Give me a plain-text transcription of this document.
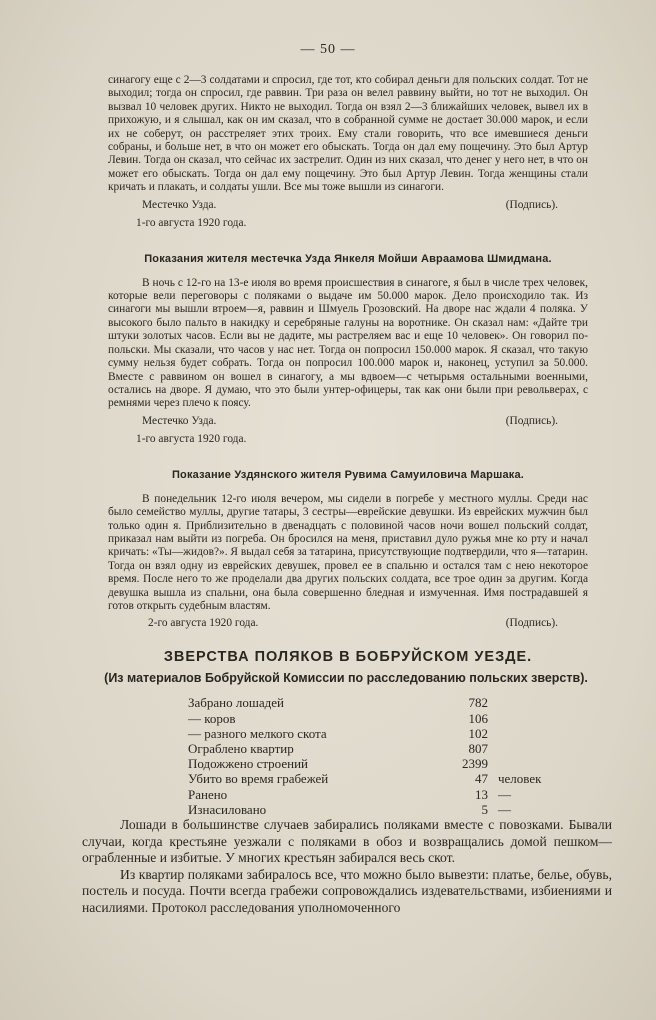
— 50 —

синагогу еще с 2—3 солдатами и спросил, где тот, кто собирал деньги для польских солдат. Тот не выходил; тогда он спросил, где раввин. Три раза он велел раввину выйти, но тот не выходил. Он вызвал 10 человек других. Никто не выходил. Тогда он взял 2—3 ближайших человек, вывел их в прихожую, и я слышал, как он им сказал, что в собранной сумме не достает 30.000 марок, и если их не соберут, он расстреляет этих троих. Ему стали говорить, что все имевшиеся деньги собраны, и больше нет, в что он может его обыскать. Тогда он дал ему пощечину. Это был Артур Левин. Тогда он сказал, что сейчас их застрелит. Один из них сказал, что денег у него нет, в что он может его обыскать. Тогда он дал ему пощечину. Это был Артур Левин. Тогда женщины стали кричать и плакать, и солдаты ушли. Все мы тоже вышли из синагоги.

Местечко Узда.	(Подпись).
1-го августа 1920 года.
Показания жителя местечка Узда Янкеля Мойши Авраамова Шмидмана.

В ночь с 12-го на 13-е июля во время происшествия в синагоге, я был в числе трех человек, которые вели переговоры с поляками о выдаче им 50.000 марок. Дело происходило так. Из синагоги мы вышли втроем—я, раввин и Шмуель Грозовский. На дворе нас ждали 4 поляка. У высокого было пальто в накидку и серебряные галуны на воротнике. Он сказал нам: «Дайте три штуки золотых часов. Если вы не дадите, мы растреляем вас и еще 10 человек». Он говорил по-польски. Мы сказали, что часов у нас нет. Тогда он попросил 150.000 марок. Я сказал, что такую сумму нельзя будет собрать. Тогда он попросил 100.000 марок и, наконец, уступил за 50.000. Вместе с раввином он вошел в синагогу, а мы вдвоем—с четырьмя остальными военными, остались на дворе. Я думаю, что это были унтер-офицеры, так как они были при револьверах, с ремнями через плечо к поясу.

Местечко Узда.	(Подпись).
1-го августа 1920 года.
Показание Уздянского жителя Рувима Самуиловича Маршака.

В понедельник 12-го июля вечером, мы сидели в погребе у местного муллы. Среди нас было семейство муллы, другие татары, 3 сестры—еврейские девушки. Из еврейских мужчин был только один я. Приблизительно в двенадцать с половиной часов ночи вошел польский солдат, приказал нам выйти из погреба. Он бросился на меня, приставил дуло ружья мне ко рту и начал кричать: «Ты—жидов?». Я выдал себя за татарина, присутствующие подтвердили, что я—татарин. Тогда он взял одну из еврейских девушек, провел ее в спальню и остался там с нею некоторое время. После него то же проделали два других польских солдата, все трое один за другим. Когда девушка вышла из спальни, она была совершенно бледная и измученная. Имя пострадавшей я готов открыть судебным властям.

2-го августа 1920 года.	(Подпись).
ЗВЕРСТВА ПОЛЯКОВ В БОБРУЙСКОМ УЕЗДЕ.
(Из материалов Бобруйской Комиссии по расследованию польских зверств).
Забрано лошадей	782	
— коров	106	
— разного мелкого скота	102	
Ограблено квартир	807	
Подожжено строений	2399	
Убито во время грабежей	47	человек
Ранено	13	—
Изнасиловано	5	—

Лошади в большинстве случаев забирались поляками вместе с повозками. Бывали случаи, когда крестьяне уезжали с поляками в обоз и возвращались домой пешком—ограбленные и избитые. У многих крестьян забирался весь скот.

Из квартир поляками забиралось все, что можно было вывезти: платье, белье, обувь, постель и посуда. Почти всегда грабежи сопровождались издевательствами, избиениями и насилиями. Протокол расследования уполномоченного
